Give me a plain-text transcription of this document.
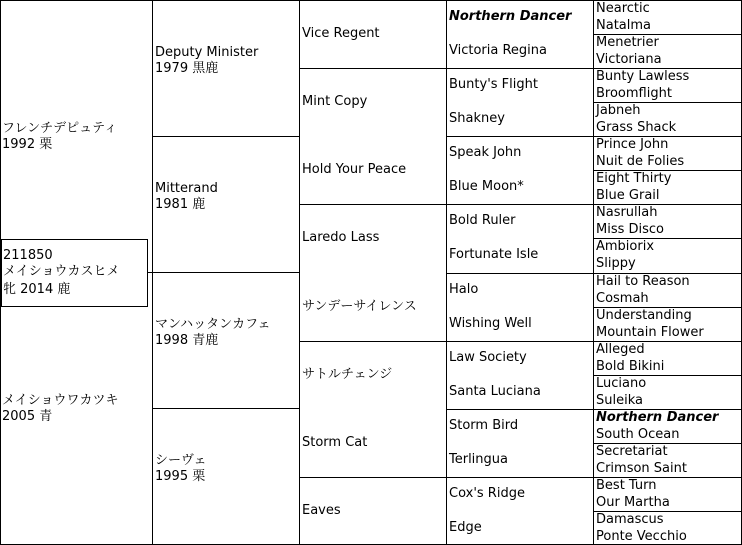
211850
メイショウカスヒメ
牝 2014 鹿
フレンチデピュティ
1992 栗
メイショウワカツキ
2005 青
Deputy Minister
1979 黒鹿
Mitterand
1981 鹿
マンハッタンカフェ
1998 青鹿
シーヴェ
1995 栗
Vice Regent
Mint Copy
Hold Your Peace
Laredo Lass
サンデーサイレンス
サトルチェンジ
Storm Cat
Eaves
Northern Dancer
Victoria Regina
Bunty's Flight
Shakney
Speak John
Blue Moon*
Bold Ruler
Fortunate Isle
Halo
Wishing Well
Law Society
Santa Luciana
Storm Bird
Terlingua
Cox's Ridge
Edge
Nearctic
Natalma
Menetrier
Victoriana
Bunty Lawless
Broomflight
Jabneh
Grass Shack
Prince John
Nuit de Folies
Eight Thirty
Blue Grail
Nasrullah
Miss Disco
Ambiorix
Slippy
Hail to Reason
Cosmah
Understanding
Mountain Flower
Alleged
Bold Bikini
Luciano
Suleika
Northern Dancer
South Ocean
Secretariat
Crimson Saint
Best Turn
Our Martha
Damascus
Ponte Vecchio
